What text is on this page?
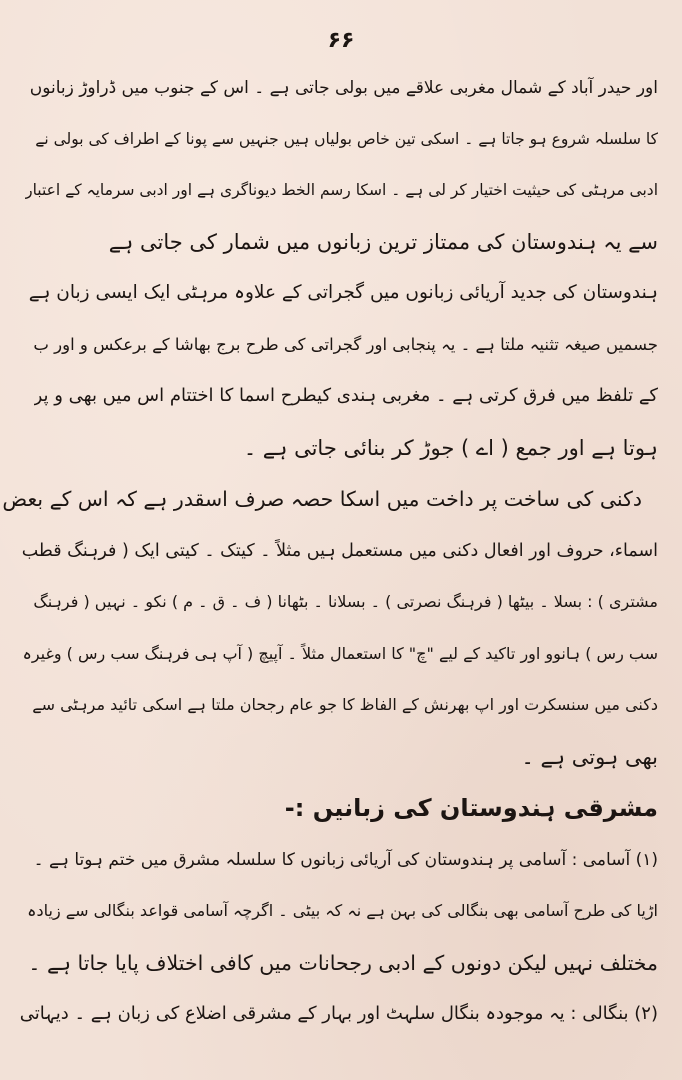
۶۶
اور حیدر آباد کے شمال مغربی علاقے میں بولی جاتی ہے ۔ اس کے جنوب میں ڈراوڑ زبانوں
کا سلسلہ شروع ہو جاتا ہے ۔ اسکی تین خاص بولیاں ہیں جنہیں سے پونا کے اطراف کی بولی نے
ادبی مرہٹی کی حیثیت اختیار کر لی ہے ۔ اسکا رسم الخط دیوناگری ہے اور ادبی سرمایہ کے اعتبار
سے یہ ہندوستان کی ممتاز ترین زبانوں میں شمار کی جاتی ہے
ہندوستان کی جدید آریائی زبانوں میں گجراتی کے علاوہ مرہٹی ایک ایسی زبان ہے
جسمیں صیغہ تثنیہ ملتا ہے ۔ یہ پنجابی اور گجراتی کی طرح برج بھاشا کے برعکس و اور ب
کے تلفظ میں فرق کرتی ہے ۔ مغربی ہندی کیطرح اسما کا اختتام اس میں بھی و پر
ہوتا ہے اور جمع ( اے ) جوڑ کر بنائی جاتی ہے ۔
دکنی کی ساخت پر داخت میں اسکا حصہ صرف اسقدر ہے کہ اس کے بعض
اسماء، حروف اور افعال دکنی میں مستعمل ہیں مثلاً ۔ کیتک ۔ کیتی ایک ( فرہنگ قطب
مشتری ) : بسلا ۔ بیٹھا ( فرہنگ نصرتی ) ۔ بسلانا ۔ بٹھانا ( ف ۔ ق ۔ م ) نکو ۔ نہیں ( فرہنگ
سب رس ) ہانوو اور تاکید کے لیے "چ" کا استعمال مثلاً ۔ آپیچ ( آپ ہی فرہنگ سب رس ) وغیرہ
دکنی میں سنسکرت اور اپ بھرنش کے الفاظ کا جو عام رجحان ملتا ہے اسکی تائید مرہٹی سے
بھی ہوتی ہے ۔
مشرقی ہندوستان کی زبانیں :-
(۱) آسامی : آسامی پر ہندوستان کی آریائی زبانوں کا سلسلہ مشرق میں ختم ہوتا ہے ۔
اڑیا کی طرح آسامی بھی بنگالی کی بہن ہے نہ کہ بیٹی ۔ اگرچہ آسامی قواعد بنگالی سے زیادہ
مختلف نہیں لیکن دونوں کے ادبی رجحانات میں کافی اختلاف پایا جاتا ہے ۔
(۲) بنگالی : یہ موجودہ بنگال سلہٹ اور بہار کے مشرقی اضلاع کی زبان ہے ۔ دیہاتی
